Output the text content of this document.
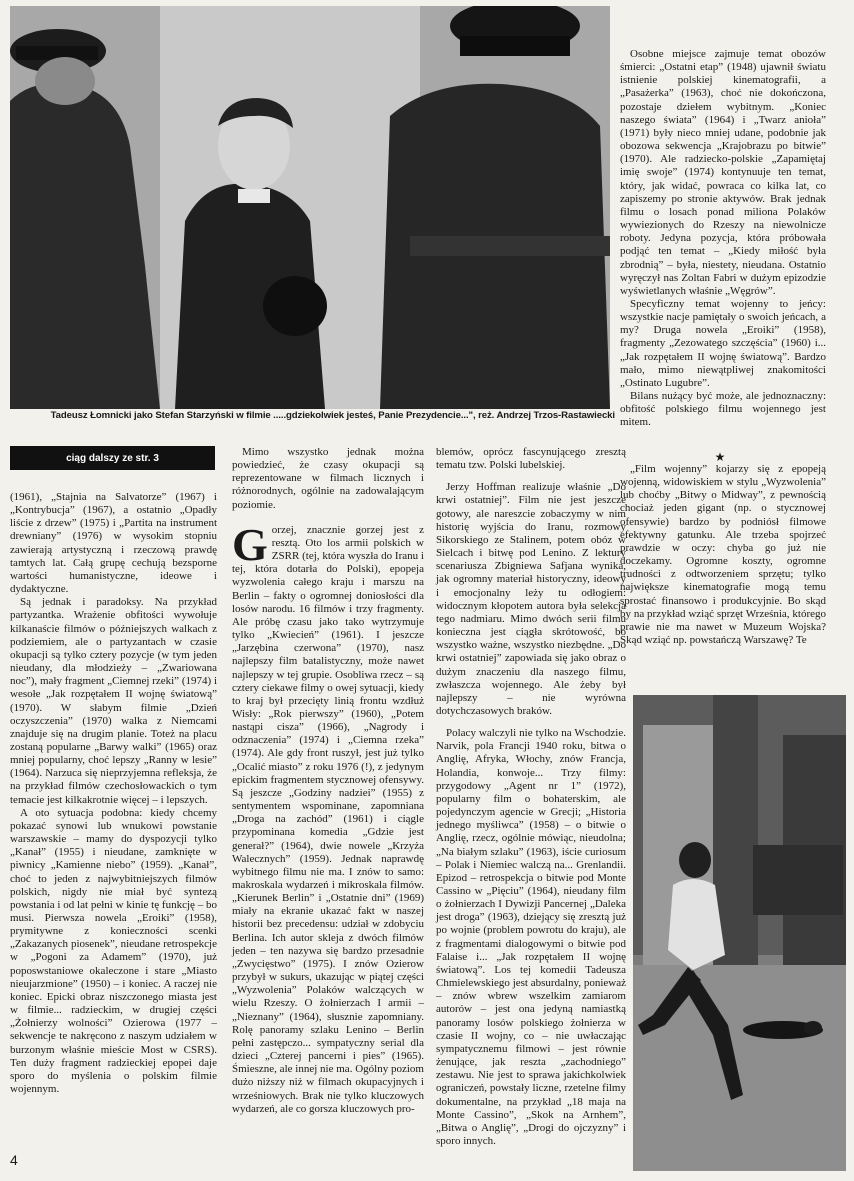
Tadeusz Łomnicki jako Stefan Starzyński w filmie .....gdziekolwiek jesteś, Panie Prezydencie...", reż. Andrzej Trzos-Rastawiecki
ciąg dalszy ze str. 3

(1961), „Stajnia na Salvatorze” (1967) i „Kontrybucja” (1967), a ostatnio „Opadły liście z drzew” (1975) i „Partita na instrument drewniany” (1976) w wysokim stopniu zawierają artystyczną i rzeczową prawdę tamtych lat. Całą grupę cechują bezsporne wartości humanistyczne, ideowe i dydaktyczne.

Są jednak i paradoksy. Na przykład partyzantka. Wrażenie obfitości wywołuje kilkanaście filmów o późniejszych walkach z podziemiem, ale o partyzantach w czasie okupacji są tylko cztery pozycje (w tym jeden nieudany, dla młodzieży – „Zwariowana noc”), mały fragment „Ciemnej rzeki” (1974) i wesołe „Jak rozpętałem II wojnę światową” (1970). W słabym filmie „Dzień oczyszczenia” (1970) walka z Niemcami znajduje się na drugim planie. Toteż na placu zostaną popularne „Barwy walki” (1965) oraz mniej popularny, choć lepszy „Ranny w lesie” (1964). Narzuca się nieprzyjemna refleksja, że na przykład filmów czechosłowackich o tym temacie jest kilkakrotnie więcej – i lepszych.

A oto sytuacja podobna: kiedy chcemy pokazać synowi lub wnukowi powstanie warszawskie – mamy do dyspozycji tylko „Kanał” (1955) i nieudane, zamknięte w piwnicy „Kamienne niebo” (1959). „Kanał”, choć to jeden z najwybitniejszych filmów polskich, nigdy nie miał być syntezą powstania i od lat pełni w kinie tę funkcję – bo musi. Pierwsza nowela „Eroiki” (1958), prymitywne z konieczności scenki „Zakazanych piosenek”, nieudane retrospekcje w „Pogoni za Adamem” (1970), już poposwstaniowe okaleczone i stare „Miasto nieujarzmione” (1950) – i koniec. A raczej nie koniec. Epicki obraz niszczonego miasta jest w filmie... radzieckim, w drugiej części „Żołnierzy wolności” Ozierowa (1977 – sekwencje te nakręcono z naszym udziałem w burzonym właśnie mieście Most w CSRS). Ten duży fragment radzieckiej epopei daje sporo do myślenia o polskim filmie wojennym.

Mimo wszystko jednak można powiedzieć, że czasy okupacji są reprezentowane w filmach licznych i różnorodnych, ogólnie na zadowalającym poziomie.

Gorzej, znacznie gorzej jest z resztą. Oto los armii polskich w ZSRR (tej, która wyszła do Iranu i tej, która dotarła do Polski), epopeja wyzwolenia całego kraju i marszu na Berlin – fakty o ogromnej doniosłości dla losów narodu. 16 filmów i trzy fragmenty. Ale próbę czasu jako tako wytrzymuje tylko „Kwiecień” (1961). I jeszcze „Jarzębina czerwona” (1970), nasz najlepszy film batalistyczny, może nawet najlepszy w tej grupie. Osobliwa rzecz – są cztery ciekawe filmy o owej sytuacji, kiedy to kraj był przecięty linią frontu wzdłuż Wisły: „Rok pierwszy” (1960), „Potem nastąpi cisza” (1966), „Nagrody i odznaczenia” (1974) i „Ciemna rzeka” (1974). Ale gdy front ruszył, jest już tylko „Ocalić miasto” z roku 1976 (!), z jedynym epickim fragmentem stycznowej ofensywy. Są jeszcze „Godziny nadziei” (1955) z sentymentem wspominane, zapomniana „Droga na zachód” (1961) i ciągle przypominana komedia „Gdzie jest generał?” (1964), dwie nowele „Krzyża Walecznych” (1959). Jednak naprawdę wybitnego filmu nie ma. I znów to samo: makroskala wydarzeń i mikroskala filmów. „Kierunek Berlin” i „Ostatnie dni” (1969) miały na ekranie ukazać fakt w naszej historii bez precedensu: udział w zdobyciu Berlina. Ich autor skleja z dwóch filmów jeden – ten nazywa się bardzo przesadnie „Zwycięstwo” (1975). I znów Ozierow przybył w sukurs, ukazując w piątej części „Wyzwolenia” Polaków walczących w wielu Rzeszy. O żołnierzach I armii – „Nieznany” (1964), słusznie zapomniany. Rolę panoramy szlaku Lenino – Berlin pełni zastępczo... sympatyczny serial dla dzieci „Czterej pancerni i pies” (1965). Śmieszne, ale innej nie ma. Ogólny poziom dużo niższy niż w filmach okupacyjnych i wrześniowych. Brak nie tylko kluczowych wydarzeń, ale co gorsza kluczowych pro-

blemów, oprócz fascynującego zresztą tematu tzw. Polski lubelskiej.

Jerzy Hoffman realizuje właśnie „Do krwi ostatniej”. Film nie jest jeszcze gotowy, ale nareszcie zobaczymy w nim historię wyjścia do Iranu, rozmowy Sikorskiego ze Stalinem, potem obóz w Sielcach i bitwę pod Lenino. Z lektury scenariusza Zbigniewa Safjana wynika, jak ogromny materiał historyczny, ideowy i emocjonalny leży tu odłogiem: widocznym kłopotem autora była selekcja tego nadmiaru. Mimo dwóch serii filmu konieczna jest ciągła skrótowość, bo wszystko ważne, wszystko niezbędne. „Do krwi ostatniej” zapowiada się jako obraz o dużym znaczeniu dla naszego filmu, zwłaszcza wojennego. Ale żeby był najlepszy – nie wyrówna dotychczasowych braków.

Polacy walczyli nie tylko na Wschodzie. Narvik, pola Francji 1940 roku, bitwa o Anglię, Afryka, Włochy, znów Francja, Holandia, konwoje... Trzy filmy: przygodowy „Agent nr 1” (1972), popularny film o bohaterskim, ale pojedynczym agencie w Grecji; „Historia jednego myśliwca” (1958) – o bitwie o Anglię, rzecz, ogólnie mówiąc, nieudolna; „Na białym szlaku” (1963), iście curiosum – Polak i Niemiec walczą na... Grenlandii. Epizod – retrospekcja o bitwie pod Monte Cassino w „Pięciu” (1964), nieudany film o żołnierzach I Dywizji Pancernej „Daleka jest droga” (1963), dziejący się zresztą już po wojnie (problem powrotu do kraju), ale z fragmentami dialogowymi o bitwie pod Falaise i... „Jak rozpętałem II wojnę światową”. Los tej komedii Tadeusza Chmielewskiego jest absurdalny, ponieważ – znów wbrew wszelkim zamiarom autorów – jest ona jedyną namiastką panoramy losów polskiego żołnierza w czasie II wojny, co – nie uwłaczając sympatycznemu filmowi – jest równie żenujące, jak reszta „zachodniego” zestawu. Nie jest to sprawa jakichkolwiek ograniczeń, powstały liczne, rzetelne filmy dokumentalne, na przykład „18 maja na Monte Cassino”, „Skok na Arnhem”, „Bitwa o Anglię”, „Drogi do ojczyzny” i sporo innych.

Osobne miejsce zajmuje temat obozów śmierci: „Ostatni etap” (1948) ujawnił światu istnienie polskiej kinematografii, a „Pasażerka” (1963), choć nie dokończona, pozostaje dziełem wybitnym. „Koniec naszego świata” (1964) i „Twarz anioła” (1971) były nieco mniej udane, podobnie jak obozowa sekwencja „Krajobrazu po bitwie” (1970). Ale radziecko-polskie „Zapamiętaj imię swoje” (1974) kontynuuje ten temat, który, jak widać, powraca co kilka lat, co zapiszemy po stronie aktywów. Brak jednak filmu o losach ponad miliona Polaków wywiezionych do Rzeszy na niewolnicze roboty. Jedyna pozycja, która próbowała podjąć ten temat – „Kiedy miłość była zbrodnią” – była, niestety, nieudana. Ostatnio wyręczył nas Zoltan Fabri w dużym epizodzie wyświetlanych właśnie „Węgrów”.

Specyficzny temat wojenny to jeńcy: wszystkie nacje pamiętały o swoich jeńcach, a my? Druga nowela „Eroiki” (1958), fragmenty „Zezowatego szczęścia” (1960) i... „Jak rozpętałem II wojnę światową”. Bardzo mało, mimo niewątpliwej znakomitości „Ostinato Lugubre”.

Bilans nużący być może, ale jednoznaczny: obfitość polskiego filmu wojennego jest mitem.

★

„Film wojenny” kojarzy się z epopeją wojenną, widowiskiem w stylu „Wyzwolenia” lub choćby „Bitwy o Midway”, z pewnością chociaż jeden gigant (np. o stycznowej ofensywie) bardzo by podniósł filmowe efektywny gatunku. Ale trzeba spojrzeć prawdzie w oczy: chyba go już nie doczekamy. Ogromne koszty, ogromne trudności z odtworzeniem sprzętu; tylko największe kinematografie mogą temu sprostać finansowo i produkcyjnie. Bo skąd by na przykład wziąć sprzęt Września, którego prawie nie ma nawet w Muzeum Wojska? Skąd wziąć np. powstańczą Warszawę? Te

4
